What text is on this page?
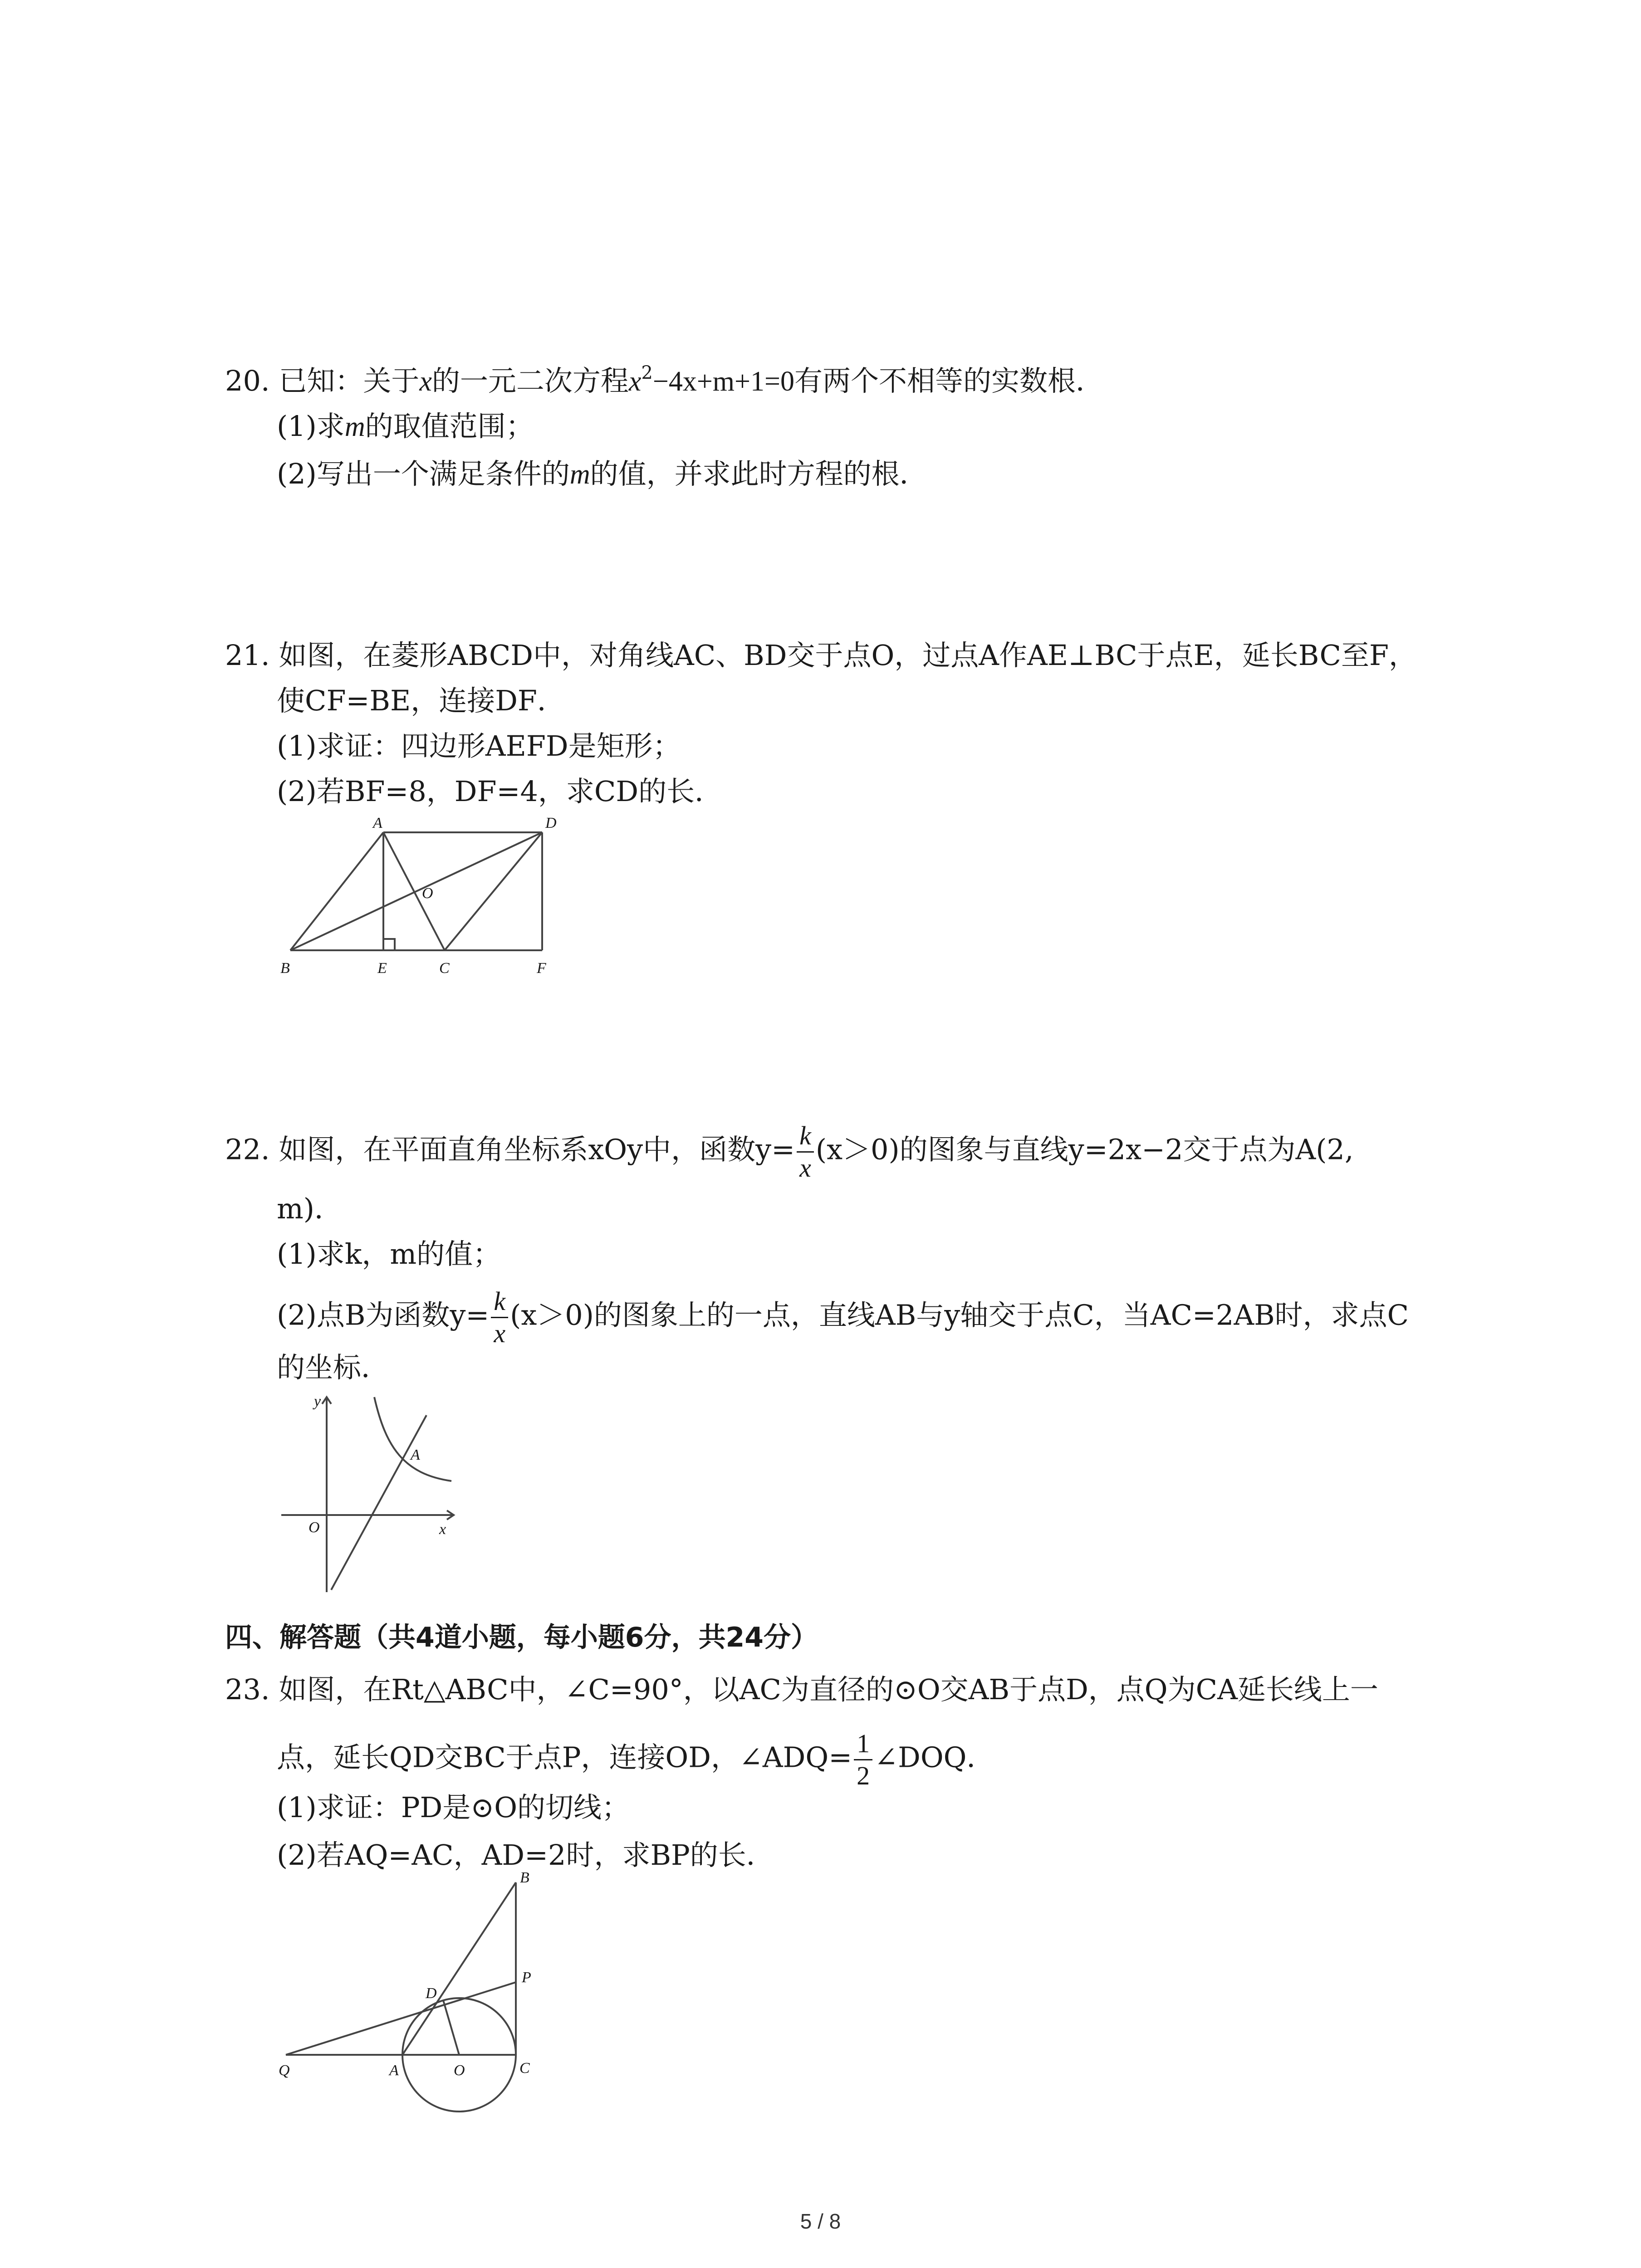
20. 已知：关于x的一元二次方程$x^2-4x+m+1=0$有两个不相等的实数根．
(1)求m的取值范围；
(2)写出一个满足条件的m的值，并求此时方程的根．
21. 如图，在菱形ABCD中，对角线AC、BD交于点O，过点A作AE⊥BC于点E，延长BC至F，
使CF=BE，连接DF．
(1)求证：四边形AEFD是矩形；
(2)若BF=8，DF=4，求CD的长．
A	D
O
B	E	C	F
22. 如图，在平面直角坐标系xOy中，函数$y= \frac{k}{x} (x>0)$的图象与直线y=2x−2交于点为A(2,
m)．
(1)求k，m的值；
(2)点B为函数$y= \frac{k}{x} (x>0)$的图象上的一点，直线AB与y轴交于点C，当AC=2AB时，求点C
的坐标．
y
A
O	x
四、解答题（共4道小题，每小题6分，共24分）
23. 如图，在Rt△ABC中，∠C=90°，以AC为直径的⊙O交AB于点D，点Q为CA延长线上一
点，延长QD交BC于点P，连接OD，∠ADQ= $\frac{1}{2}$ ∠DOQ．
(1)求证：PD是⊙O的切线；
(2)若AQ=AC，AD=2时，求BP的长．
B
P
D
Q	A	O	C
5 / 8
